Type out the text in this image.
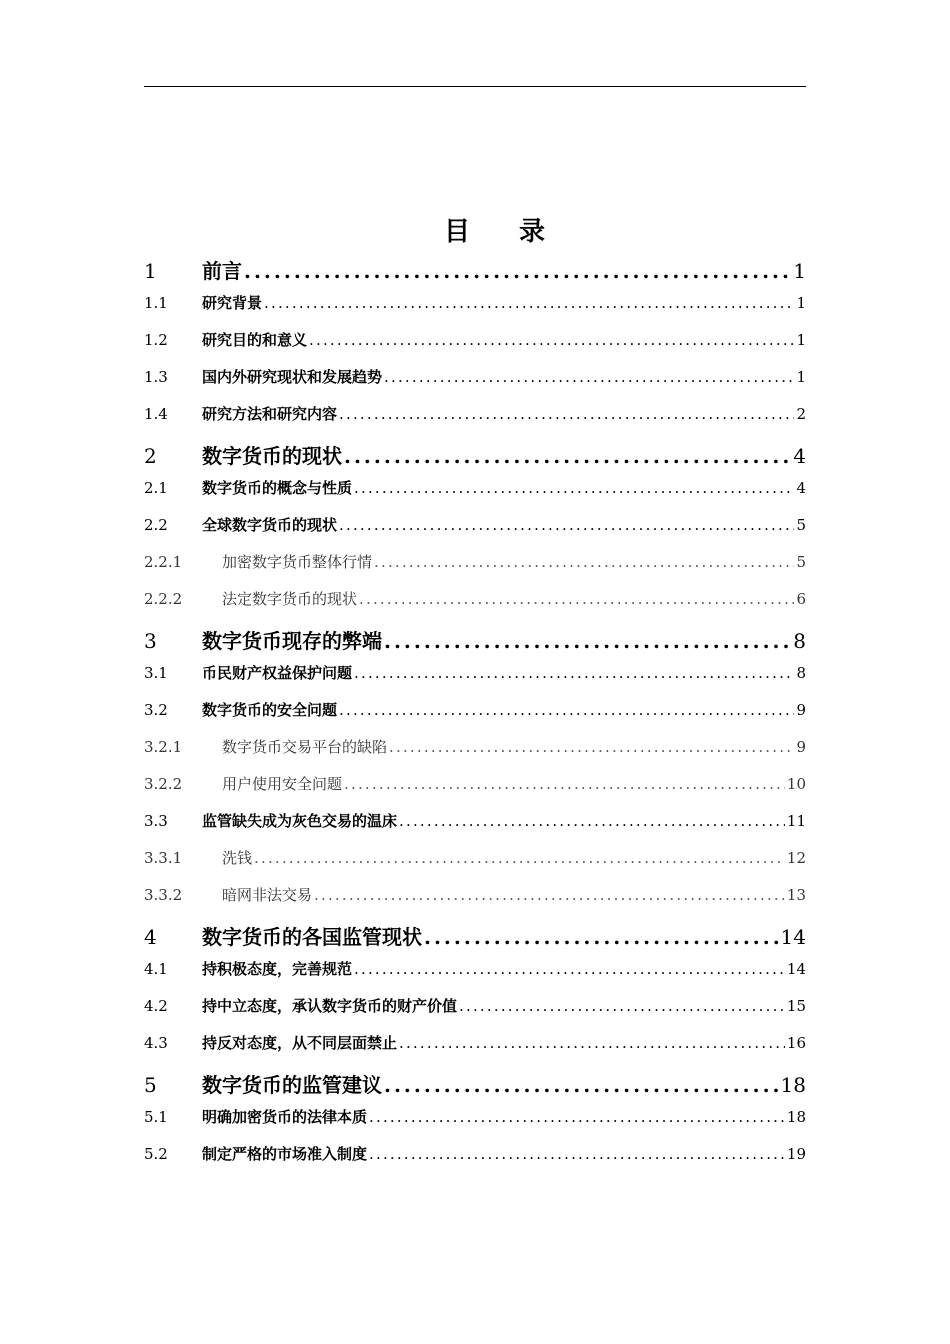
目 录
1	前言 .....	1
1.1	研究背景 .....	1
1.2	研究目的和意义 .....	1
1.3	国内外研究现状和发展趋势 .....	1
1.4	研究方法和研究内容 .....	2
2	数字货币的现状 .....	4
2.1	数字货币的概念与性质 .....	4
2.2	全球数字货币的现状 .....	5
2.2.1	加密数字货币整体行情 .....	5
2.2.2	法定数字货币的现状 .....	6
3	数字货币现存的弊端 .....	8
3.1	币民财产权益保护问题 .....	8
3.2	数字货币的安全问题 .....	9
3.2.1	数字货币交易平台的缺陷 .....	9
3.2.2	用户使用安全问题 .....	10
3.3	监管缺失成为灰色交易的温床 .....	11
3.3.1	洗钱 .....	12
3.3.2	暗网非法交易 .....	13
4	数字货币的各国监管现状 .....	14
4.1	持积极态度，完善规范 .....	14
4.2	持中立态度，承认数字货币的财产价值 .....	15
4.3	持反对态度，从不同层面禁止 .....	16
5	数字货币的监管建议 .....	18
5.1	明确加密货币的法律本质 .....	18
5.2	制定严格的市场准入制度 .....	19
